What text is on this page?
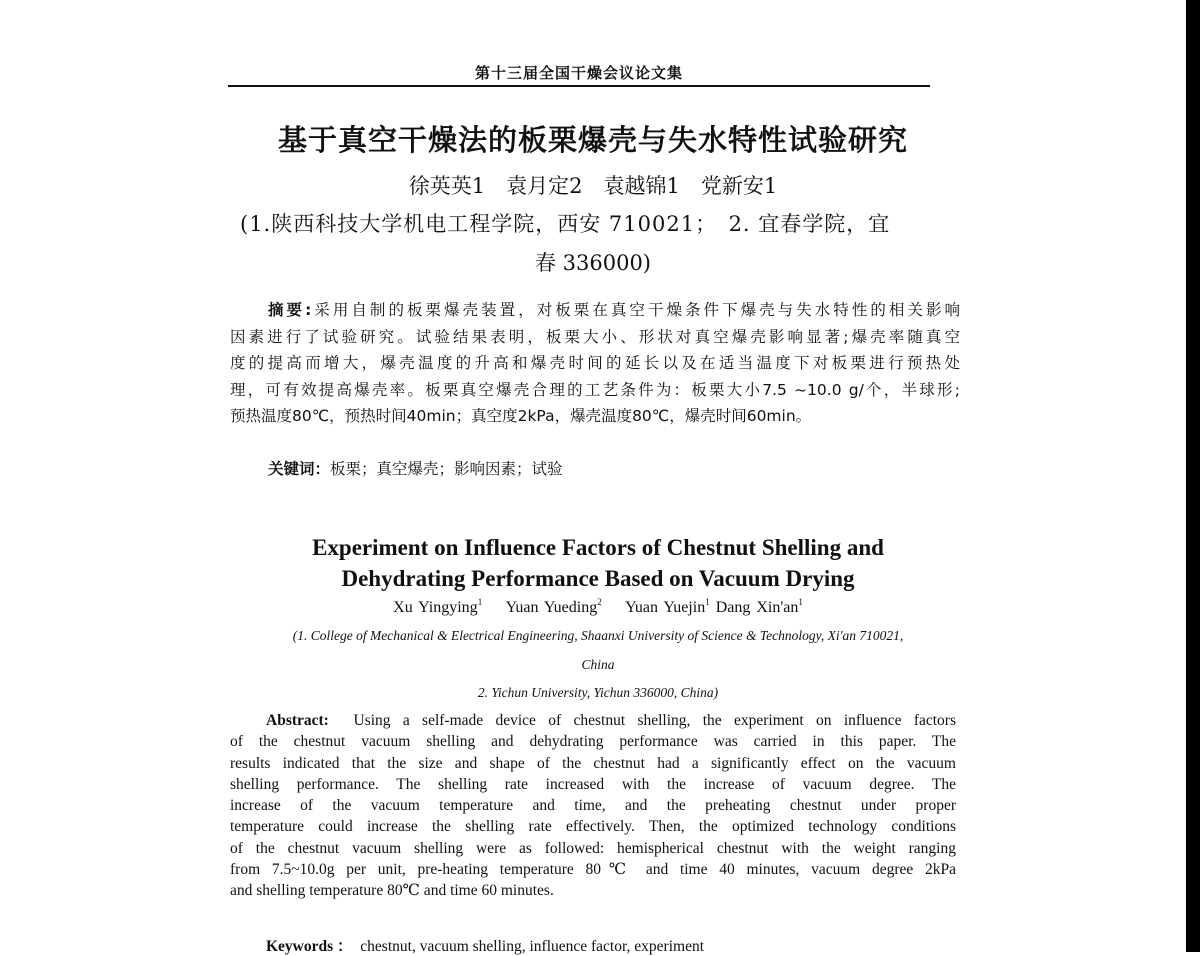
第十三届全国干燥会议论文集
基于真空干燥法的板栗爆壳与失水特性试验研究
徐英英1　袁月定2　袁越锦1　党新安1
(1.陕西科技大学机电工程学院，西安 710021；　2. 宜春学院，宜
春 336000)
摘要:采用自制的板栗爆壳装置，对板栗在真空干燥条件下爆壳与失水特性的相关影响
因素进行了试验研究。试验结果表明，板栗大小、形状对真空爆壳影响显著;爆壳率随真空
度的提高而增大，爆壳温度的升高和爆壳时间的延长以及在适当温度下对板栗进行预热处
理，可有效提高爆壳率。板栗真空爆壳合理的工艺条件为：板栗大小7.5 ~10.0 g/个，半球形;
预热温度80℃，预热时间40min；真空度2kPa，爆壳温度80℃，爆壳时间60min。
关键词：板栗；真空爆壳；影响因素；试验
Experiment on Influence Factors of Chestnut Shelling and
Dehydrating Performance Based on Vacuum Drying
Xu Yingying$^1$ Yuan Yueding$^2$ Yuan Yuejin$^1$ Dang $Xin'an^1$
(1. College of Mechanical & Electrical Engineering, Shaanxi University of Science & Technology, Xi'an 710021,
China
2. Yichun University, Yichun 336000, China)
Abstract: Using a self-made device of chestnut shelling, the experiment on influence factors
of the chestnut vacuum shelling and dehydrating performance was carried in this paper. The
results indicated that the size and shape of the chestnut had a significantly effect on the vacuum
shelling performance. The shelling rate increased with the increase of vacuum degree. The
increase of the vacuum temperature and time, and the preheating chestnut under proper
temperature could increase the shelling rate effectively. Then, the optimized technology conditions
of the chestnut vacuum shelling were as followed: hemispherical chestnut with the weight ranging
from 7.5~10.0g per unit, pre-heating temperature 80℃ and time 40 minutes, vacuum degree 2kPa
and shelling temperature 80℃ and time 60 minutes.
Keywords ： chestnut, vacuum shelling, influence factor, experiment
